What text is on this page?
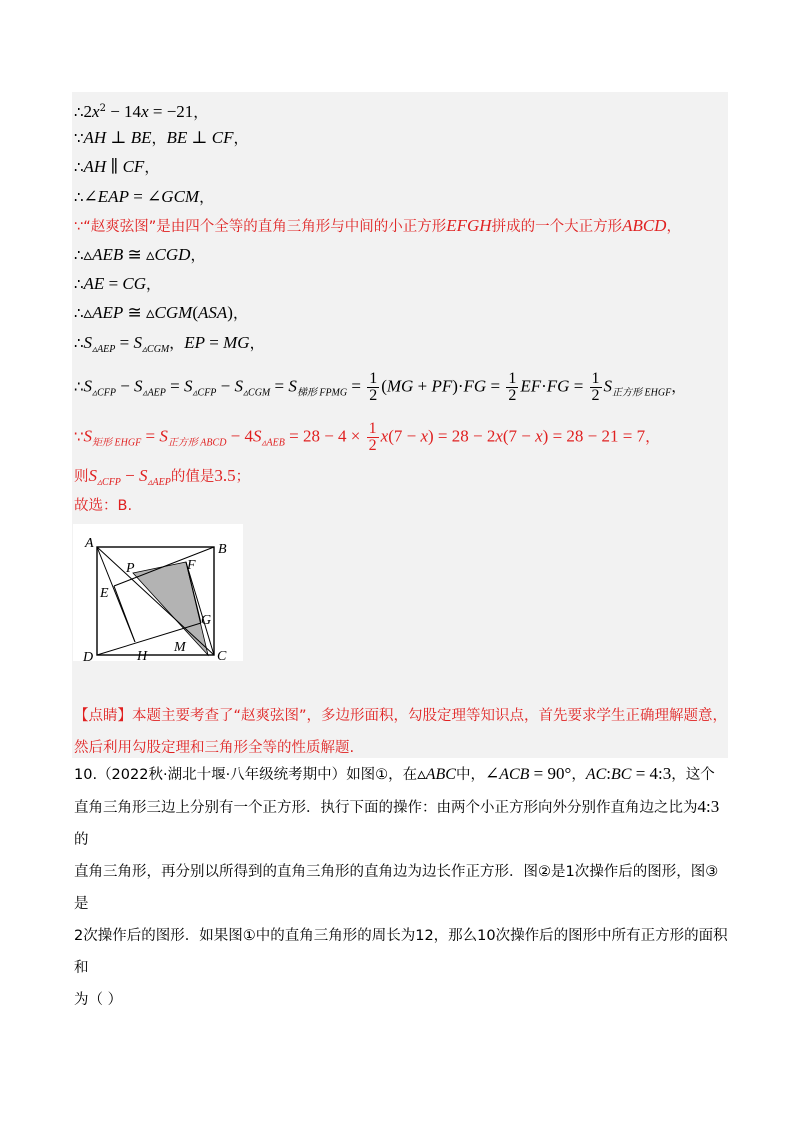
$\therefore 2x^2 - 14x = -21$，
∵AH ⊥ BE，BE ⊥ CF，
∴AH ∥ CF，
∴∠EAP = ∠GCM，
∵“赵爽弦图”是由四个全等的直角三角形与中间的小正方形EFGH拼成的一个大正方形ABCD，
∴▵AEB ≅ ▵CGD，
∴AE = CG，
∴▵AEP ≅ ▵CGM(ASA)，
$\therefore S_{▵AEP} = S_{▵CGM}$，EP = MG，
$\therefore S_{▵CFP} - S_{▵AEP} = S_{▵CFP} - S_{▵CGM} = S_{梯形 FPMG} = \frac{1}{2} (MG + PF)\cdot FG = \frac{1}{2} EF\cdot FG = \frac{1}{2} S_{正方形 EHGF}$，
$\because S_{矩形 EHGF} = S_{正方形 ABCD} - 4S_{▵AEB} = 28 - 4 \times \frac{1}{2} x(7 - x) = 28 - 2x(7 - x) = 28 - 21 = 7$，
则$S_{▵CFP} - S_{▵AEP}$的值是3.5；
故选：B.
A	B
C
D
E
F
G
H
P
M
【点睛】本题主要考查了“赵爽弦图”，多边形面积，勾股定理等知识点，首先要求学生正确理解题意，
然后利用勾股定理和三角形全等的性质解题.
10.（2022秋·湖北十堰·八年级统考期中）如图①，在▵ABC中，∠ACB = 90°，AC:BC = 4:3，这个
直角三角形三边上分别有一个正方形．执行下面的操作：由两个小正方形向外分别作直角边之比为4:3的
直角三角形，再分别以所得到的直角三角形的直角边为边长作正方形．图②是1次操作后的图形，图③是
2次操作后的图形．如果图①中的直角三角形的周长为12，那么10次操作后的图形中所有正方形的面积和
为（ ）
